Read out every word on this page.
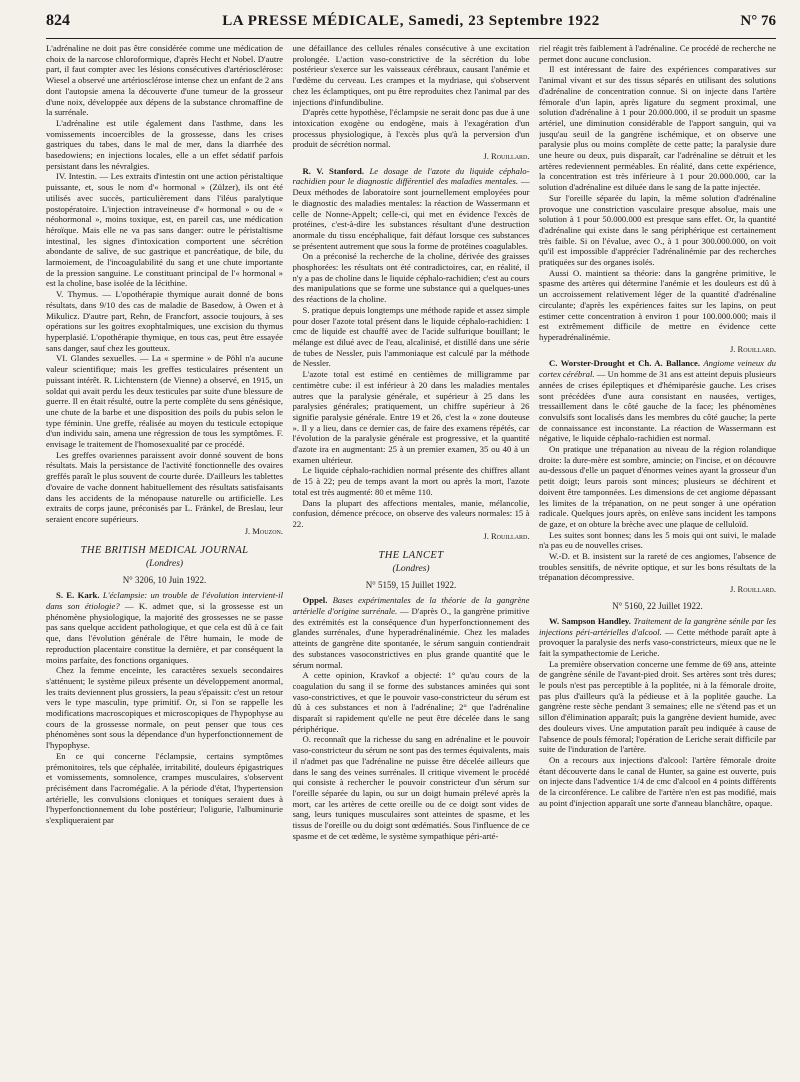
824	LA PRESSE MÉDICALE, Samedi, 23 Septembre 1922	N° 76

L'adrénaline ne doit pas être considérée comme une médication de choix de la narcose chloroformique, d'après Hecht et Nobel. D'autre part, il faut compter avec les lésions consécutives d'artériosclérose: Wiesel a observé une artériosclérose intense chez un enfant de 2 ans dont l'autopsie amena la découverte d'une tumeur de la grosseur d'une noix, développée aux dépens de la substance chromaffine de la surrénale.

L'adrénaline est utile également dans l'asthme, dans les vomissements incoercibles de la grossesse, dans les crises gastriques du tabes, dans le mal de mer, dans la diarrhée des basedowiens; en injections locales, elle a un effet sédatif parfois persistant dans les névralgies.

IV. Intestin. — Les extraits d'intestin ont une action péristaltique puissante, et, sous le nom d'« hormonal » (Zülzer), ils ont été utilisés avec succès, particulièrement dans l'iléus paralytique postopératoire. L'injection intraveineuse d'« hormonal » ou de « néohormonal », moins toxique, est, en pareil cas, une médication héroïque. Mais elle ne va pas sans danger: outre le péristaltisme intestinal, les signes d'intoxication comportent une sécrétion abondante de salive, de suc gastrique et pancréatique, de bile, du larmoiement, de l'incoagulabilité du sang et une chute importante de la pression sanguine. Le constituant principal de l'« hormonal » est la choline, base isolée de la lécithine.

V. Thymus. — L'opothérapie thymique aurait donné de bons résultats, dans 9/10 des cas de maladie de Basedow, à Owen et à Mikulicz. D'autre part, Rehn, de Francfort, associe toujours, à ses opérations sur les goitres exophtalmiques, une excision du thymus hyperplasié. L'opothérapie thymique, en tous cas, peut être essayée sans danger, sauf chez les goutteux.

VI. Glandes sexuelles. — La « spermine » de Pöhl n'a aucune valeur scientifique; mais les greffes testiculaires présentent un puissant intérêt. R. Lichtenstern (de Vienne) a observé, en 1915, un soldat qui avait perdu les deux testicules par suite d'une blessure de guerre. Il en était résulté, outre la perte complète du sens génésique, une chute de la barbe et une disposition des poils du pubis selon le type féminin. Une greffe, réalisée au moyen du testicule ectopique d'un individu sain, amena une régression de tous les symptômes. F. envisage le traitement de l'homosexualité par ce procédé.

Les greffes ovariennes paraissent avoir donné souvent de bons résultats. Mais la persistance de l'activité fonctionnelle des ovaires greffés paraît le plus souvent de courte durée. D'ailleurs les tablettes d'ovaire de vache donnent habituellement des résultats satisfaisants dans les accidents de la ménopause naturelle ou artificielle. Les extraits de corps jaune, préconisés par L. Fränkel, de Breslau, leur seraient encore supérieurs.

J. Mouzon.
THE BRITISH MEDICAL JOURNAL
(Londres)
N° 3206, 10 Juin 1922.

S. E. Kark. L'éclampsie: un trouble de l'évolution intervient-il dans son étiologie? — K. admet que, si la grossesse est un phénomène physiologique, la majorité des grossesses ne se passe pas sans quelque accident pathologique, et que cela est dû à ce fait que, dans l'évolution générale de l'être humain, le mode de reproduction placentaire constitue la dernière, et par conséquent la moins parfaite, des fonctions organiques.

Chez la femme enceinte, les caractères sexuels secondaires s'atténuent; le système pileux présente un développement anormal, les traits deviennent plus grossiers, la peau s'épaissit: c'est un retour vers le type masculin, type primitif. Or, si l'on se rappelle les modifications macroscopiques et microscopiques de l'hypophyse au cours de la grossesse normale, on peut penser que tous ces phénomènes sont sous la dépendance d'un hyperfonctionnement de l'hypophyse.

En ce qui concerne l'éclampsie, certains symptômes prémonitoires, tels que céphalée, irritabilité, douleurs épigastriques et vomissements, somnolence, crampes musculaires, s'observent précisément dans l'acromégalie. A la période d'état, l'hypertension artérielle, les convulsions cloniques et toniques seraient dues à l'hyperfonctionnement du lobe postérieur; l'oligurie, l'albuminurie s'expliqueraient par

une défaillance des cellules rénales consécutive à une excitation prolongée. L'action vaso-constrictive de la sécrétion du lobe postérieur s'exerce sur les vaisseaux cérébraux, causant l'anémie et l'œdème du cerveau. Les crampes et la mydriase, qui s'observent chez les éclamptiques, ont pu être reproduites chez l'animal par des injections d'infundibuline.

D'après cette hypothèse, l'éclampsie ne serait donc pas due à une intoxication exogène ou endogène, mais à l'exagération d'un processus physiologique, à l'excès plus qu'à la perversion d'un produit de sécrétion normal.

J. Rouillard.

R. V. Stanford. Le dosage de l'azote du liquide céphalo-rachidien pour le diagnostic différentiel des maladies mentales. — Deux méthodes de laboratoire sont journellement employées pour le diagnostic des maladies mentales: la réaction de Wassermann et celle de Nonne-Appelt; celle-ci, qui met en évidence l'excès de protéines, c'est-à-dire les substances résultant d'une destruction anormale du tissu encéphalique, fait défaut lorsque ces substances se présentent autrement que sous la forme de protéines coagulables.

On a préconisé la recherche de la choline, dérivée des graisses phosphorées: les résultats ont été contradictoires, car, en réalité, il n'y a pas de choline dans le liquide céphalo-rachidien; c'est au cours des manipulations que se forme une substance qui a quelques-unes des réactions de la choline.

S. pratique depuis longtemps une méthode rapide et assez simple pour doser l'azote total présent dans le liquide céphalo-rachidien: 1 cmc de liquide est chauffé avec de l'acide sulfurique bouillant; le mélange est dilué avec de l'eau, alcalinisé, et distillé dans une série de tubes de Nessler, puis l'ammoniaque est calculé par la méthode de Nessler.

L'azote total est estimé en centièmes de milligramme par centimètre cube: il est inférieur à 20 dans les maladies mentales autres que la paralysie générale, et supérieur à 25 dans les paralysies générales; pratiquement, un chiffre supérieur à 26 signifie paralysie générale. Entre 19 et 26, c'est la « zone douteuse ». Il y a lieu, dans ce dernier cas, de faire des examens répétés, car l'évolution de la paralysie générale est progressive, et la quantité d'azote ira en augmentant: 25 à un premier examen, 35 ou 40 à un examen ultérieur.

Le liquide céphalo-rachidien normal présente des chiffres allant de 15 à 22; peu de temps avant la mort ou après la mort, l'azote total est très augmenté: 80 et même 110.

Dans la plupart des affections mentales, manie, mélancolie, confusion, démence précoce, on observe des valeurs normales: 15 à 22.

J. Rouillard.
THE LANCET
(Londres)
N° 5159, 15 Juillet 1922.

Oppel. Bases expérimentales de la théorie de la gangrène artérielle d'origine surrénale. — D'après O., la gangrène primitive des extrémités est la conséquence d'un hyperfonctionnement des glandes surrénales, d'une hyperadrénalinémie. Chez les malades atteints de gangrène dite spontanée, le sérum sanguin contiendrait des substances vasoconstrictives en plus grande quantité que le sérum normal.

A cette opinion, Kravkof a objecté: 1° qu'au cours de la coagulation du sang il se forme des substances aminées qui sont vaso-constrictives, et que le pouvoir vaso-constricteur du sérum est dû à ces substances et non à l'adrénaline; 2° que l'adrénaline disparaît si rapidement qu'elle ne peut être décelée dans le sang périphérique.

O. reconnaît que la richesse du sang en adrénaline et le pouvoir vaso-constricteur du sérum ne sont pas des termes équivalents, mais il n'admet pas que l'adrénaline ne puisse être décelée ailleurs que dans le sang des veines surrénales. Il critique vivement le procédé qui consiste à rechercher le pouvoir constricteur d'un sérum sur l'oreille séparée du lapin, ou sur un doigt humain prélevé après la mort, car les artères de cette oreille ou de ce doigt sont vides de sang, leurs tuniques musculaires sont atteintes de spasme, et les tissus de l'oreille ou du doigt sont œdématiés. Sous l'influence de ce spasme et de cet œdème, le système sympathique péri-arté-

riel réagit très faiblement à l'adrénaline. Ce procédé de recherche ne permet donc aucune conclusion.

Il est intéressant de faire des expériences comparatives sur l'animal vivant et sur des tissus séparés en utilisant des solutions d'adrénaline de concentration connue. Si on injecte dans l'artère fémorale d'un lapin, après ligature du segment proximal, une solution d'adrénaline à 1 pour 20.000.000, il se produit un spasme artériel, une diminution considérable de l'apport sanguin, qui va jusqu'au seuil de la gangrène ischémique, et on observe une paralysie plus ou moins complète de cette patte; la paralysie dure une heure ou deux, puis disparaît, car l'adrénaline se détruit et les artères redeviennent perméables. En réalité, dans cette expérience, la concentration est très inférieure à 1 pour 20.000.000, car la solution d'adrénaline est diluée dans le sang de la patte injectée.

Sur l'oreille séparée du lapin, la même solution d'adrénaline provoque une constriction vasculaire presque absolue, mais une solution à 1 pour 50.000.000 est presque sans effet. Or, la quantité d'adrénaline qui existe dans le sang périphérique est certainement très faible. Si on l'évalue, avec O., à 1 pour 300.000.000, on voit qu'il est impossible d'apprécier l'adrénalinémie par des recherches pratiquées sur des organes isolés.

Aussi O. maintient sa théorie: dans la gangrène primitive, le spasme des artères qui détermine l'anémie et les douleurs est dû à un accroissement relativement léger de la quantité d'adrénaline circulante; d'après les expériences faites sur les lapins, on peut estimer cette concentration à environ 1 pour 100.000.000; mais il est extrêmement difficile de mettre en évidence cette hyperadrénalinémie.

J. Rouillard.

C. Worster-Drought et Ch. A. Ballance. Angiome veineux du cortex cérébral. — Un homme de 31 ans est atteint depuis plusieurs années de crises épileptiques et d'hémiparésie gauche. Les crises sont précédées d'une aura consistant en nausées, vertiges, tressaillement dans le côté gauche de la face; les phénomènes convulsifs sont localisés dans les membres du côté gauche; la perte de connaissance est inconstante. La réaction de Wassermann est négative, le liquide céphalo-rachidien est normal.

On pratique une trépanation au niveau de la région rolandique droite: la dure-mère est sombre, amincie; on l'incise, et on découvre au-dessous d'elle un paquet d'énormes veines ayant la grosseur d'un petit doigt; leurs parois sont minces; plusieurs se déchirent et doivent être tamponnées. Les dimensions de cet angiome dépassant les limites de la trépanation, on ne peut songer à une opération radicale. Quelques jours après, on enlève sans incident les tampons de gaze, et on obture la brèche avec une plaque de celluloïd.

Les suites sont bonnes; dans les 5 mois qui ont suivi, le malade n'a pas eu de nouvelles crises.

W.-D. et B. insistent sur la rareté de ces angiomes, l'absence de troubles sensitifs, de névrite optique, et sur les bons résultats de la trépanation décompressive.

J. Rouillard.
N° 5160, 22 Juillet 1922.

W. Sampson Handley. Traitement de la gangrène sénile par les injections péri-artérielles d'alcool. — Cette méthode paraît apte à provoquer la paralysie des nerfs vaso-constricteurs, mieux que ne le fait la sympathectomie de Leriche.

La première observation concerne une femme de 69 ans, atteinte de gangrène sénile de l'avant-pied droit. Ses artères sont très dures; le pouls n'est pas perceptible à la poplitée, ni à la fémorale droite, pas plus d'ailleurs qu'à la pédieuse et à la poplitée gauche. La gangrène reste sèche pendant 3 semaines; elle ne s'étend pas et un sillon d'élimination apparaît; puis la gangrène devient humide, avec des douleurs vives. Une amputation paraît peu indiquée à cause de l'absence de pouls fémoral; l'opération de Leriche serait difficile par suite de l'induration de l'artère.

On a recours aux injections d'alcool: l'artère fémorale droite étant découverte dans le canal de Hunter, sa gaine est ouverte, puis on injecte dans l'adventice 1/4 de cmc d'alcool en 4 points différents de la circonférence. Le calibre de l'artère n'en est pas modifié, mais au point d'injection apparaît une sorte d'anneau blanchâtre, opaque.
